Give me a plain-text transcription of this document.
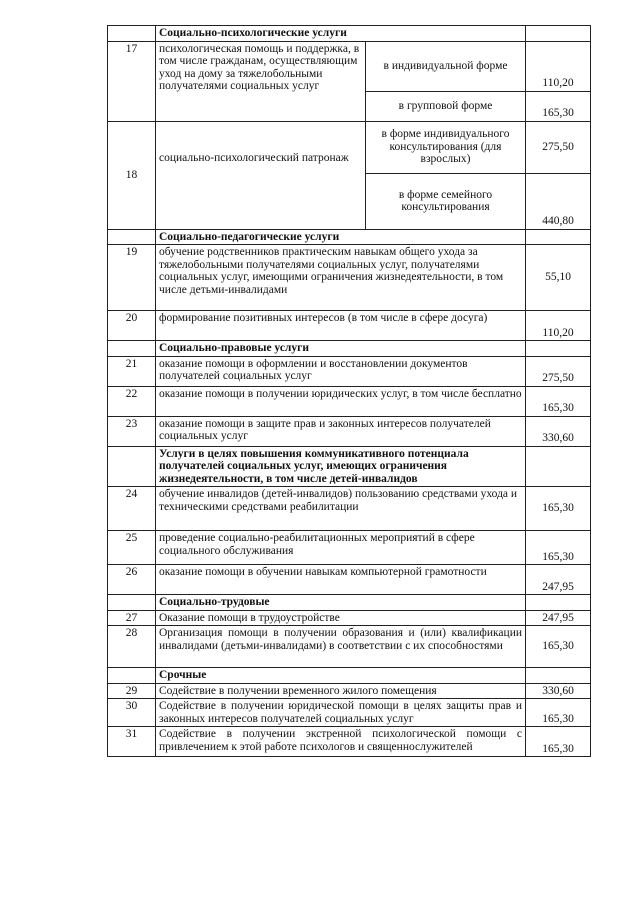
	Социально-психологические услуги		
17	психологическая помощь и поддержка, в том числе гражданам, осуществляющим уход на дому за тяжелобольными получателями социальных услуг	в индивидуальной форме	110,20
		в групповой форме	165,30
18	социально-психологический патронаж	в форме индивидуального консультирования (для взрослых)	275,50
		в форме семейного консультирования	440,80
	Социально-педагогические услуги		
19	обучение родственников практическим навыкам общего ухода за тяжелобольными получателями социальных услуг, получателями социальных услуг, имеющими ограничения жизнедеятельности, в том числе детьми-инвалидами		55,10
20	формирование позитивных интересов (в том числе в сфере досуга)		110,20
	Социально-правовые услуги		
21	оказание помощи в оформлении и восстановлении документов получателей социальных услуг		275,50
22	оказание помощи в получении юридических услуг, в том числе бесплатно		165,30
23	оказание помощи в защите прав и законных интересов получателей социальных услуг		330,60
	Услуги в целях повышения коммуникативного потенциала получателей социальных услуг, имеющих ограничения жизнедеятельности, в том числе детей-инвалидов		
24	обучение инвалидов (детей-инвалидов) пользованию средствами ухода и техническими средствами реабилитации		165,30
25	проведение социально-реабилитационных мероприятий в сфере социального обслуживания		165,30
26	оказание помощи в обучении навыкам компьютерной грамотности		247,95
	Социально-трудовые		
27	Оказание помощи в трудоустройстве		247,95
28	Организация помощи в получении образования и (или) квалификации инвалидами (детьми-инвалидами) в соответствии с их способностями		165,30
	Срочные		
29	Содействие в получении временного жилого помещения		330,60
30	Содействие в получении юридической помощи в целях защиты прав и законных интересов получателей социальных услуг		165,30
31	Содействие в получении экстренной психологической помощи с привлечением к этой работе психологов и священнослужителей		165,30
